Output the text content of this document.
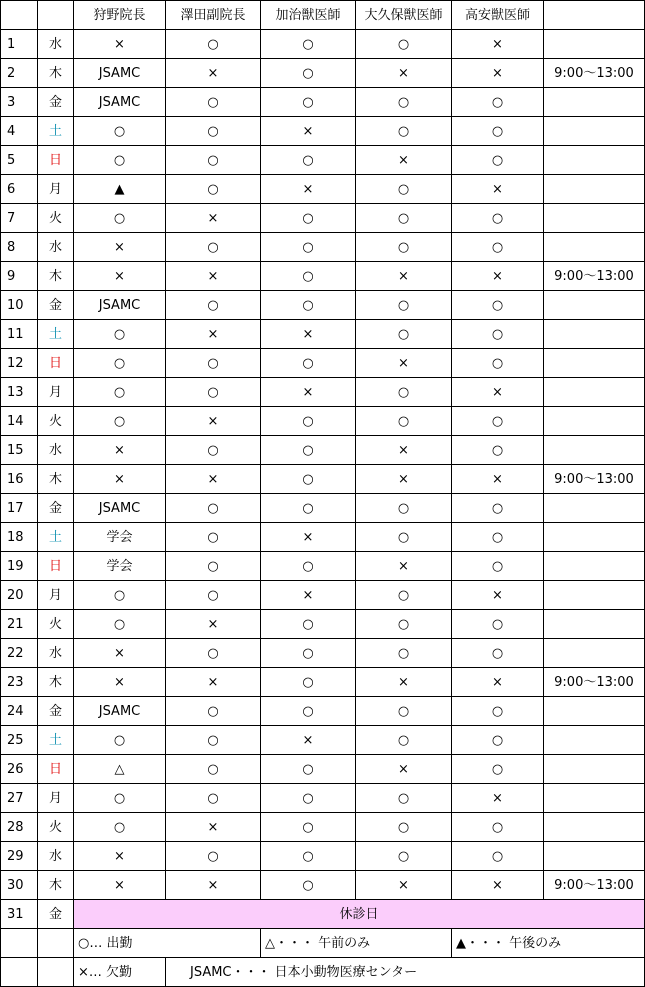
		狩野院長	澤田副院長	加治獣医師	大久保獣医師	高安獣医師	
1	水	×	○	○	○	×	
2	木	JSAMC	×	○	×	×	9:00〜13:00
3	金	JSAMC	○	○	○	○	
4	土	○	○	×	○	○	
5	日	○	○	○	×	○	
6	月	▲	○	×	○	×	
7	火	○	×	○	○	○	
8	水	×	○	○	○	○	
9	木	×	×	○	×	×	9:00〜13:00
10	金	JSAMC	○	○	○	○	
11	土	○	×	×	○	○	
12	日	○	○	○	×	○	
13	月	○	○	×	○	×	
14	火	○	×	○	○	○	
15	水	×	○	○	×	○	
16	木	×	×	○	×	×	9:00〜13:00
17	金	JSAMC	○	○	○	○	
18	土	学会	○	×	○	○	
19	日	学会	○	○	×	○	
20	月	○	○	×	○	×	
21	火	○	×	○	○	○	
22	水	×	○	○	○	○	
23	木	×	×	○	×	×	9:00〜13:00
24	金	JSAMC	○	○	○	○	
25	土	○	○	×	○	○	
26	日	△	○	○	×	○	
27	月	○	○	○	○	×	
28	火	○	×	○	○	○	
29	水	×	○	○	○	○	
30	木	×	×	○	×	×	9:00〜13:00
31	金	休診日					
		○… 出勤		△・・・ 午前のみ		▲・・・ 午後のみ	
		×… 欠勤	JSAMC・・・ 日本小動物医療センター				
